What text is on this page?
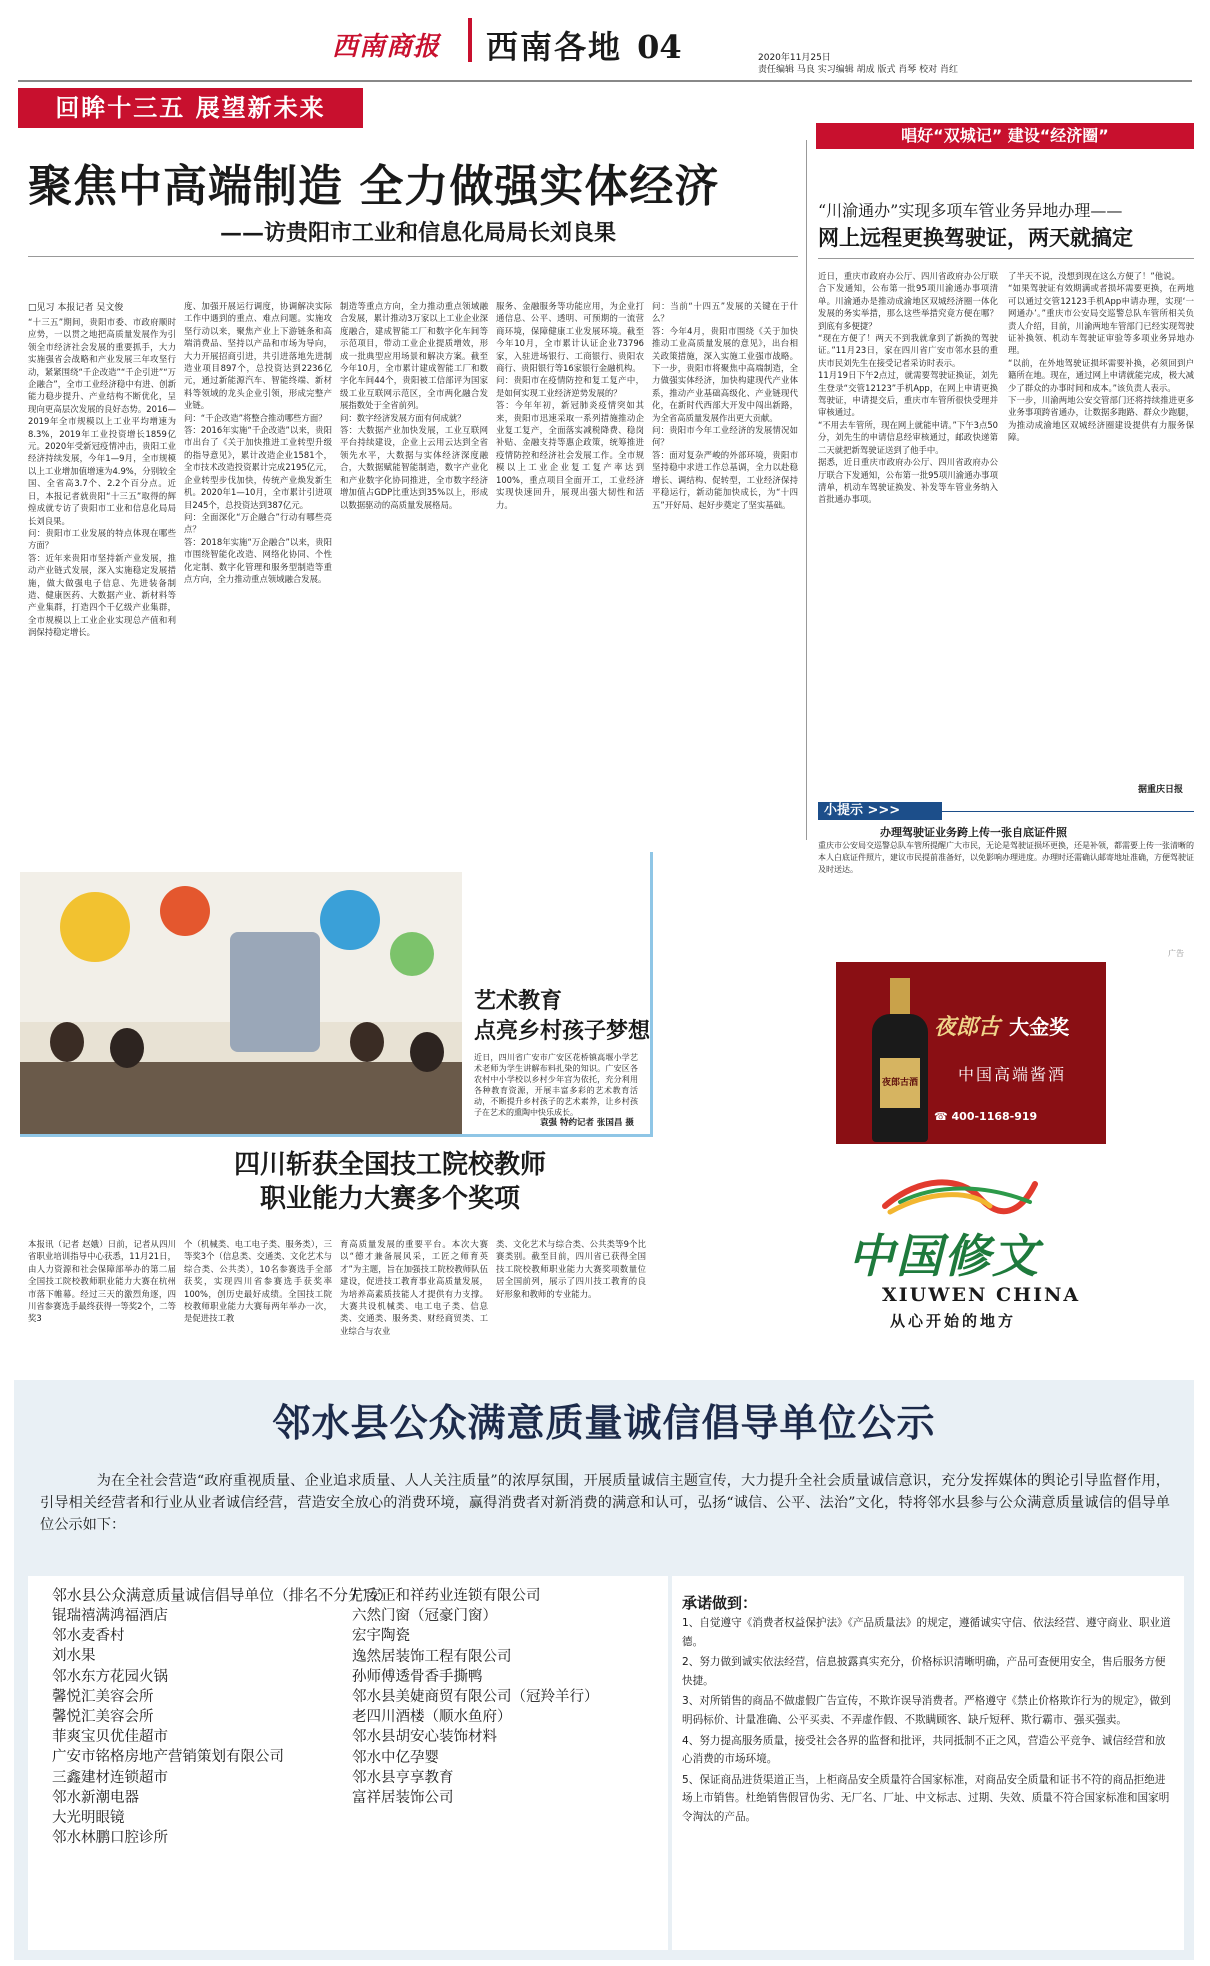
西南商报 西南各地 04	2020年11月25日
责任编辑 马良 实习编辑 胡成 版式 肖琴 校对 肖红
回眸十三五 展望新未来
唱好“双城记” 建设“经济圈”
聚焦中高端制造 全力做强实体经济
——访贵阳市工业和信息化局局长刘良果
□见习 本报记者 吴文俊
“十三五”期间，贵阳市委、市政府顺时应势，一以贯之地把高质量发展作为引领全市经济社会发展的重要抓手，大力实施强省会战略和产业发展三年攻坚行动，紧紧围绕“千企改造”“千企引进”“万企融合”，全市工业经济稳中有进、创新能力稳步提升、产业结构不断优化，呈现向更高层次发展的良好态势。2016—2019年全市规模以上工业平均增速为8.3%，2019年工业投资增长1859亿元。2020年受新冠疫情冲击，贵阳工业经济持续发展，今年1—9月，全市规模以上工业增加值增速为4.9%，分别较全国、全省高3.7个、2.2个百分点。近日，本报记者就贵阳“十三五”取得的辉煌成就专访了贵阳市工业和信息化局局长刘良果。
问：贵阳市工业发展的特点体现在哪些方面？
答：近年来贵阳市坚持新产业发展，推动产业链式发展，深入实施稳定发展措施，做大做强电子信息、先进装备制造、健康医药、大数据产业、新材料等产业集群，打造四个千亿级产业集群，全市规模以上工业企业实现总产值和利润保持稳定增长。
度、加强开展运行调度，协调解决实际工作中遇到的重点、难点问题。实施攻坚行动以来，聚焦产业上下游链条和高端消费品、坚持以产品和市场为导向，大力开展招商引进，共引进落地先进制造业项目897个，总投资达到2236亿元，通过新能源汽车、智能终端、新材料等领域的龙头企业引领，形成完整产业链。
问：“千企改造”将整合推动哪些方面？
答：2016年实施“千企改造”以来，贵阳市出台了《关于加快推进工业转型升级的指导意见》，累计改造企业1581个，全市技术改造投资累计完成2195亿元，企业转型步伐加快，传统产业焕发新生机。2020年1—10月，全市累计引进项目245个，总投资达到387亿元。
问：全面深化“万企融合”行动有哪些亮点？
答：2018年实施“万企融合”以来，贵阳市围绕智能化改造、网络化协同、个性化定制、数字化管理和服务型制造等重点方向，全力推动重点领域融合发展。
制造等重点方向，全力推动重点领域融合发展，累计推动3万家以上工业企业深度融合，建成智能工厂和数字化车间等示范项目，带动工业企业提质增效，形成一批典型应用场景和解决方案。截至今年10月，全市累计建成智能工厂和数字化车间44个，贵阳被工信部评为国家级工业互联网示范区，全市两化融合发展指数处于全省前列。
问：数字经济发展方面有何成就？
答：大数据产业加快发展，工业互联网平台持续建设，企业上云用云达到全省领先水平，大数据与实体经济深度融合，大数据赋能智能制造，数字产业化和产业数字化协同推进，全市数字经济增加值占GDP比重达到35%以上，形成以数据驱动的高质量发展格局。
服务、金融服务等功能应用，为企业打通信息、公平、透明、可预期的一流营商环境，保障健康工业发展环境。截至今年10月，全市累计认证企业73796家，入驻进场银行、工商银行、贵阳农商行、贵阳银行等16家银行金融机构。
问：贵阳市在疫情防控和复工复产中，是如何实现工业经济逆势发展的？
答：今年年初，新冠肺炎疫情突如其来，贵阳市迅速采取一系列措施推动企业复工复产，全面落实减税降费、稳岗补贴、金融支持等惠企政策，统筹推进疫情防控和经济社会发展工作。全市规模以上工业企业复工复产率达到100%，重点项目全面开工，工业经济实现快速回升，展现出强大韧性和活力。
问：当前“十四五”发展的关键在于什么？
答：今年4月，贵阳市围绕《关于加快推动工业高质量发展的意见》，出台相关政策措施，深入实施工业强市战略。下一步，贵阳市将聚焦中高端制造，全力做强实体经济，加快构建现代产业体系，推动产业基础高级化、产业链现代化，在新时代西部大开发中闯出新路，为全省高质量发展作出更大贡献。
问：贵阳市今年工业经济的发展情况如何？
答：面对复杂严峻的外部环境，贵阳市坚持稳中求进工作总基调，全力以赴稳增长、调结构、促转型，工业经济保持平稳运行，新动能加快成长，为“十四五”开好局、起好步奠定了坚实基础。
“川渝通办”实现多项车管业务异地办理——
网上远程更换驾驶证，两天就搞定
近日，重庆市政府办公厅、四川省政府办公厅联合下发通知，公布第一批95项川渝通办事项清单。川渝通办是推动成渝地区双城经济圈一体化发展的务实举措，那么这些举措究竟方便在哪？到底有多便捷？
“现在方便了！两天不到我就拿到了新换的驾驶证。”11月23日，家在四川省广安市邻水县的重庆市民刘先生在接受记者采访时表示。
11月19日下午2点过，就需要驾驶证换证，刘先生登录“交管12123”手机App，在网上申请更换驾驶证，申请提交后，重庆市车管所很快受理并审核通过。
“不用去车管所，现在网上就能申请。”下午3点50分，刘先生的申请信息经审核通过，邮政快递第二天就把新驾驶证送到了他手中。
据悉，近日重庆市政府办公厅、四川省政府办公厅联合下发通知，公布第一批95项川渝通办事项清单，机动车驾驶证换发、补发等车管业务纳入首批通办事项。
了半天不说，没想到现在这么方便了！”他说。
“如果驾驶证有效期满或者损坏需要更换，在两地可以通过交管12123手机App申请办理，实现‘一网通办’。”重庆市公安局交巡警总队车管所相关负责人介绍，目前，川渝两地车管部门已经实现驾驶证补换领、机动车驾驶证审验等多项业务异地办理。
“以前，在外地驾驶证损坏需要补换，必须回到户籍所在地。现在，通过网上申请就能完成，极大减少了群众的办事时间和成本。”该负责人表示。
下一步，川渝两地公安交管部门还将持续推进更多业务事项跨省通办，让数据多跑路、群众少跑腿，为推动成渝地区双城经济圈建设提供有力服务保障。
据重庆日报
小提示 >>>
办理驾驶证业务跨上传一张自底证件照
重庆市公安局交巡警总队车管所提醒广大市民，无论是驾驶证损坏更换，还是补领，都需要上传一张清晰的本人白底证件照片，建议市民提前准备好，以免影响办理进度。办理时还需确认邮寄地址准确，方便驾驶证及时送达。
广告
夜郎古酒
夜郎古 大金奖
中国高端酱酒
☎ 400-1168-919
艺术教育
点亮乡村孩子梦想
近日，四川省广安市广安区花桥镇高堰小学艺术老师为学生讲解布料扎染的知识。广安区各农村中小学校以乡村少年宫为依托，充分利用各种教育资源，开展丰富多彩的艺术教育活动，不断提升乡村孩子的艺术素养，让乡村孩子在艺术的熏陶中快乐成长。
袁强 特约记者 张国昌 摄
四川斩获全国技工院校教师
职业能力大赛多个奖项
本报讯（记者 赵娥）日前，记者从四川省职业培训指导中心获悉，11月21日，由人力资源和社会保障部举办的第二届全国技工院校教师职业能力大赛在杭州市落下帷幕。经过三天的激烈角逐，四川省参赛选手最终获得一等奖2个，二等奖3
个（机械类、电工电子类、服务类），三等奖3个（信息类、交通类、文化艺术与综合类、公共类），10名参赛选手全部获奖，实现四川省参赛选手获奖率100%，创历史最好成绩。全国技工院校教师职业能力大赛每两年举办一次，是促进技工教
育高质量发展的重要平台。本次大赛以“德才兼备展风采，工匠之师育英才”为主题，旨在加强技工院校教师队伍建设，促进技工教育事业高质量发展，为培养高素质技能人才提供有力支撑。大赛共设机械类、电工电子类、信息类、交通类、服务类、财经商贸类、工业综合与农业
类、文化艺术与综合类、公共类等9个比赛类别。截至目前，四川省已获得全国技工院校教师职业能力大赛奖项数量位居全国前列，展示了四川技工教育的良好形象和教师的专业能力。
中国修文
XIUWEN CHINA
从心开始的地方
邻水县公众满意质量诚信倡导单位公示
为在全社会营造“政府重视质量、企业追求质量、人人关注质量”的浓厚氛围，开展质量诚信主题宣传，大力提升全社会质量诚信意识，充分发挥媒体的舆论引导监督作用，引导相关经营者和行业从业者诚信经营，营造安全放心的消费环境，赢得消费者对新消费的满意和认可，弘扬“诚信、公平、法治”文化，特将邻水县参与公众满意质量诚信的倡导单位公示如下：
邻水县公众满意质量诚信倡导单位（排名不分先后）
锟瑞禧满鸿福酒店
邻水麦香村
刘水果
邻水东方花园火锅
馨悦汇美容会所
馨悦汇美容会所
菲爽宝贝优佳超市
广安市铭格房地产营销策划有限公司
三鑫建材连锁超市
邻水新潮电器
大光明眼镜
邻水林鹏口腔诊所
广安正和祥药业连锁有限公司
六然门窗（冠豪门窗）
宏宇陶瓷
逸然居装饰工程有限公司
孙师傅透骨香手撕鸭
邻水县美婕商贸有限公司（冠羚羊行）
老四川酒楼（顺水鱼府）
邻水县胡安心装饰材料
邻水中亿孕婴
邻水县亨享教育
富祥居装饰公司
承诺做到：

1、自觉遵守《消费者权益保护法》《产品质量法》的规定，遵循诚实守信、依法经营、遵守商业、职业道德。

2、努力做到诚实依法经营，信息披露真实充分，价格标识清晰明确，产品可查便用安全，售后服务方便快捷。

3、对所销售的商品不做虚假广告宣传，不欺诈误导消费者。严格遵守《禁止价格欺诈行为的规定》，做到明码标价、计量准确、公平买卖、不弄虚作假、不欺瞒顾客、缺斤短秤、欺行霸市、强买强卖。

4、努力提高服务质量，接受社会各界的监督和批评，共同抵制不正之风，营造公平竞争、诚信经营和放心消费的市场环境。

5、保证商品进货渠道正当，上柜商品安全质量符合国家标准，对商品安全质量和证书不符的商品拒绝进场上市销售。杜绝销售假冒伪劣、无厂名、厂址、中文标志、过期、失效、质量不符合国家标准和国家明令淘汰的产品。
